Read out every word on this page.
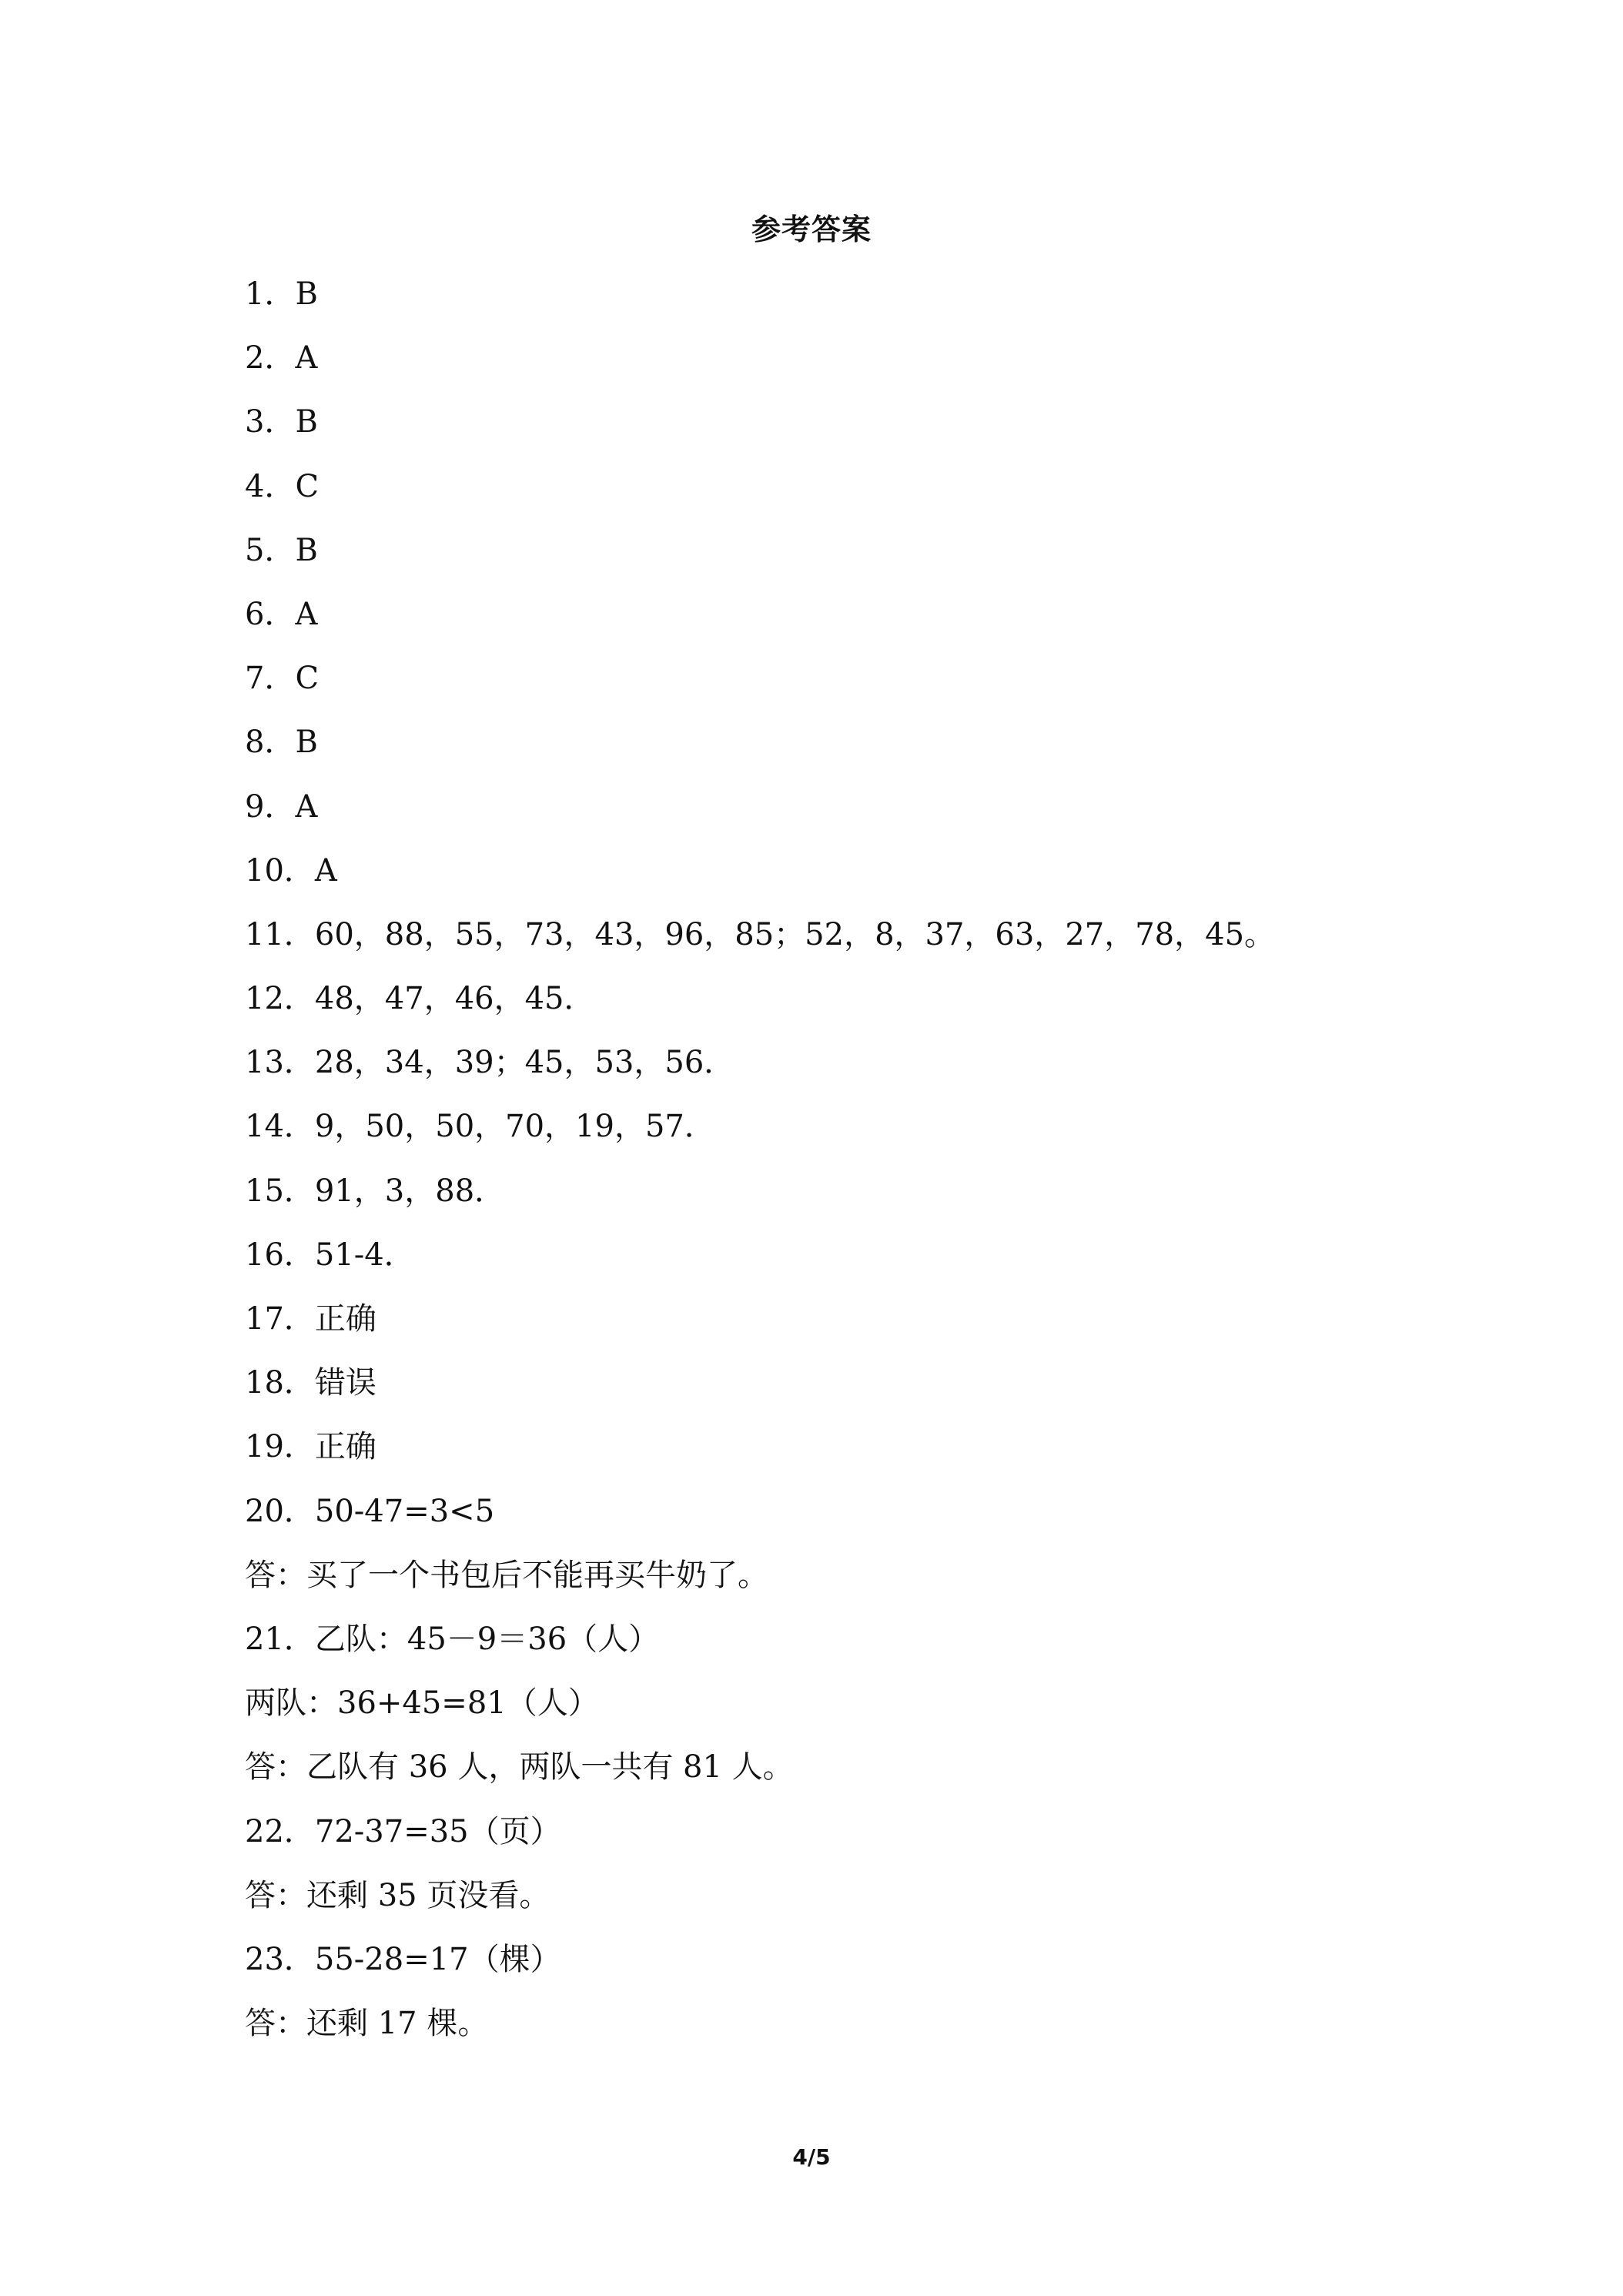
参考答案
1．B
2．A
3．B
4．C
5．B
6．A
7．C
8．B
9．A
10．A
11．60，88，55，73，43，96，85；52，8，37，63，27，78，45。
12．48，47，46，45．
13．28，34，39；45，53，56．
14．9，50，50，70，19，57．
15．91，3，88．
16．51-4．
17．正确
18．错误
19．正确
20．50-47=3<5
答：买了一个书包后不能再买牛奶了。
21．乙队：45－9＝36（人）
两队：36+45=81（人）
答：乙队有 36 人，两队一共有 81 人。
22．72-37=35（页）
答：还剩 35 页没看。
23．55-28=17（棵）
答：还剩 17 棵。
4/5
